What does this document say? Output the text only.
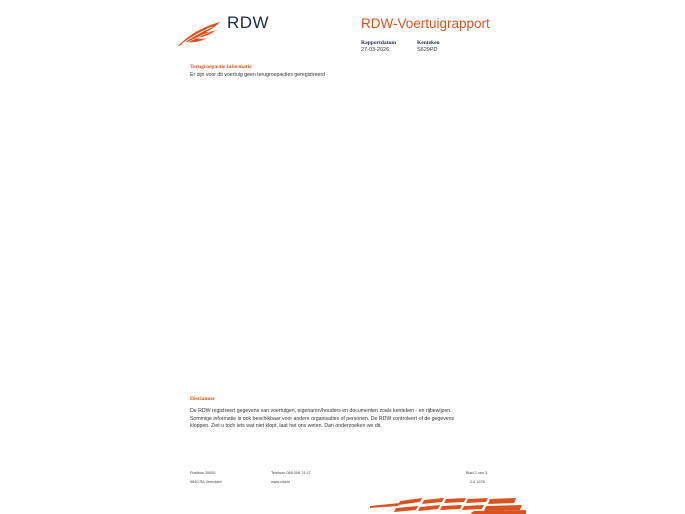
RDW	RDW-Voertuigrapport
Rapportdatum
27-03-2026
Kenteken
S629PD
Terugroepactie informatie
Er zijn voor dit voertuig geen terugroepacties geregistreerd
Disclaimer
De RDW registreert gegevens van voertuigen, eigenaren/houders en documenten zoals kenteken - en rijbewijzen.
Sommige informatie is ook beschikbaar voor andere organisaties of personen. De RDW controleert of de gegevens
kloppen. Ziet u toch iets wat niet klopt, laat het ons weten. Dan onderzoeken we dit.
Postbus 30000
9640 RA Veendam
Telefoon 088 008 74 47
www.rdw.nl
Blad 2 van 3
2.6 1678
